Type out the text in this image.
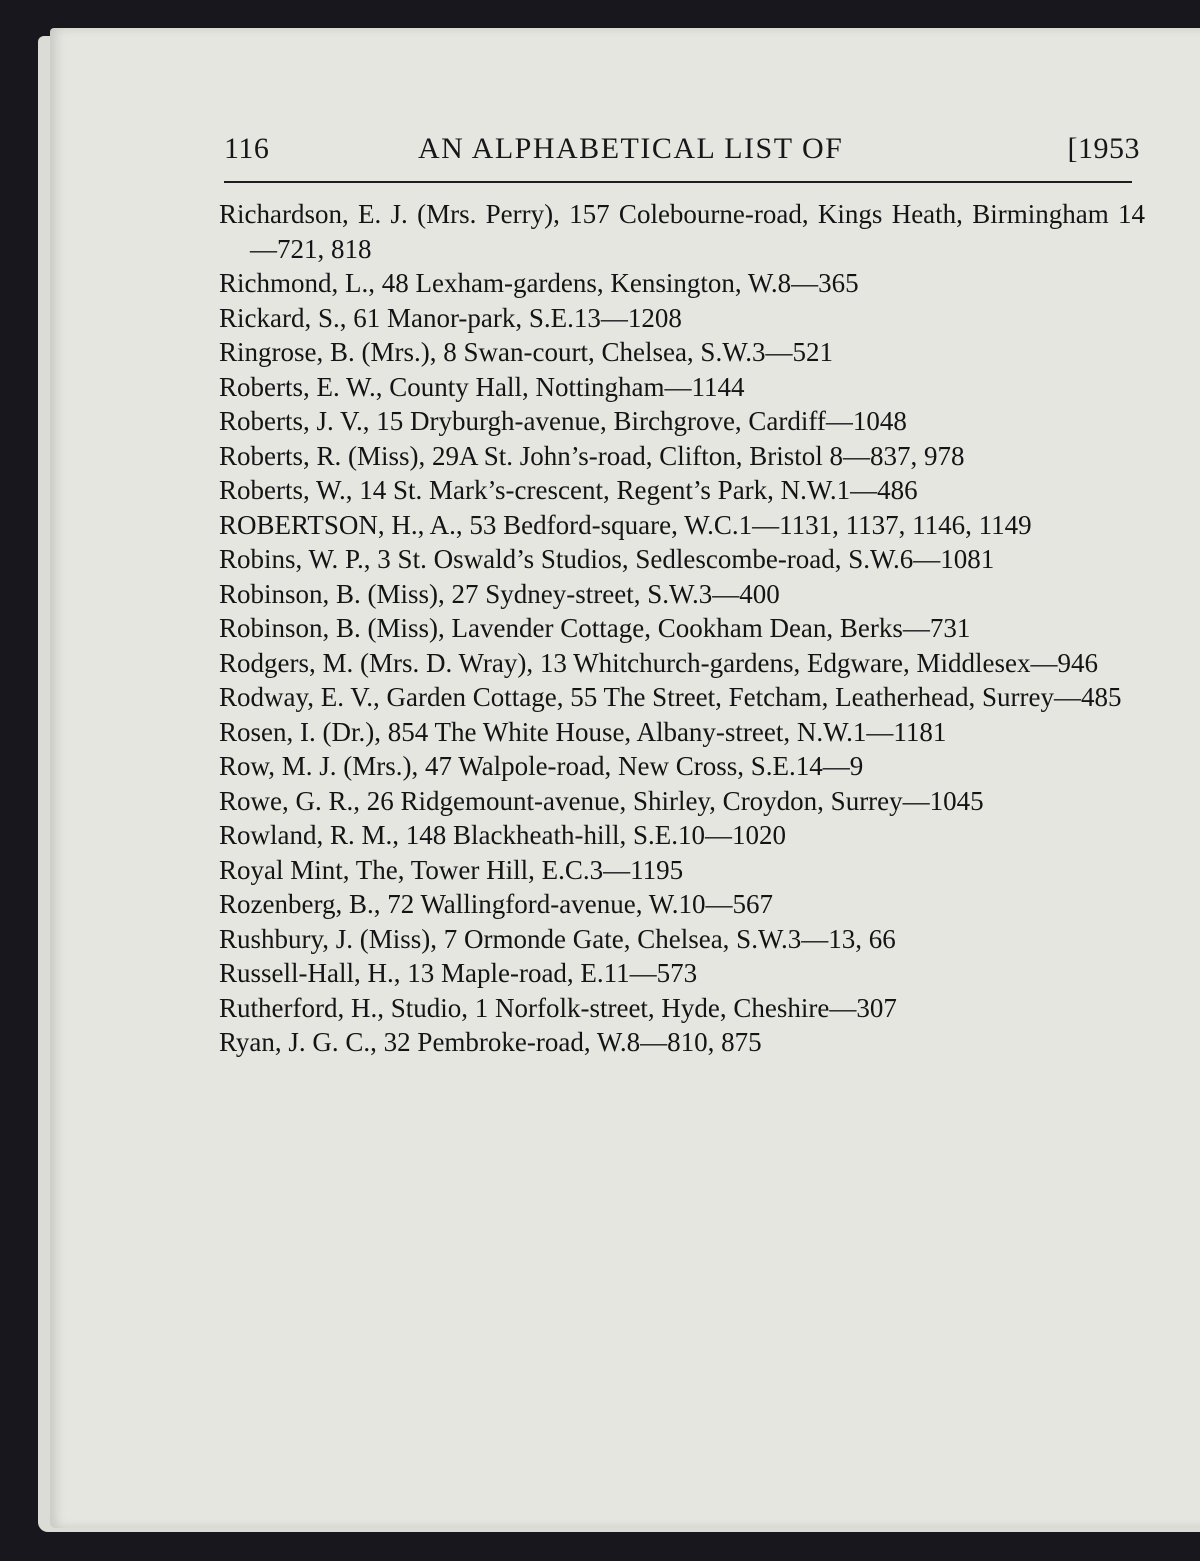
116	AN ALPHABETICAL LIST OF	[1953

Richardson, E. J. (Mrs. Perry), 157 Colebourne-road, Kings Heath, Birmingham 14—721, 818

Richmond, L., 48 Lexham-gardens, Kensington, W.8—365

Rickard, S., 61 Manor-park, S.E.13—1208

Ringrose, B. (Mrs.), 8 Swan-court, Chelsea, S.W.3—521

Roberts, E. W., County Hall, Nottingham—1144

Roberts, J. V., 15 Dryburgh-avenue, Birchgrove, Cardiff—1048

Roberts, R. (Miss), 29A St. John’s-road, Clifton, Bristol 8—837, 978

Roberts, W., 14 St. Mark’s-crescent, Regent’s Park, N.W.1—486

ROBERTSON, H., A., 53 Bedford-square, W.C.1—1131, 1137, 1146, 1149

Robins, W. P., 3 St. Oswald’s Studios, Sedlescombe-road, S.W.6—1081

Robinson, B. (Miss), 27 Sydney-street, S.W.3—400

Robinson, B. (Miss), Lavender Cottage, Cookham Dean, Berks—731

Rodgers, M. (Mrs. D. Wray), 13 Whitchurch-gardens, Edgware, Middlesex—946

Rodway, E. V., Garden Cottage, 55 The Street, Fetcham, Leatherhead, Surrey—485

Rosen, I. (Dr.), 854 The White House, Albany-street, N.W.1—1181

Row, M. J. (Mrs.), 47 Walpole-road, New Cross, S.E.14—9

Rowe, G. R., 26 Ridgemount-avenue, Shirley, Croydon, Surrey—1045

Rowland, R. M., 148 Blackheath-hill, S.E.10—1020

Royal Mint, The, Tower Hill, E.C.3—1195

Rozenberg, B., 72 Wallingford-avenue, W.10—567

Rushbury, J. (Miss), 7 Ormonde Gate, Chelsea, S.W.3—13, 66

Russell-Hall, H., 13 Maple-road, E.11—573

Rutherford, H., Studio, 1 Norfolk-street, Hyde, Cheshire—307

Ryan, J. G. C., 32 Pembroke-road, W.8—810, 875
